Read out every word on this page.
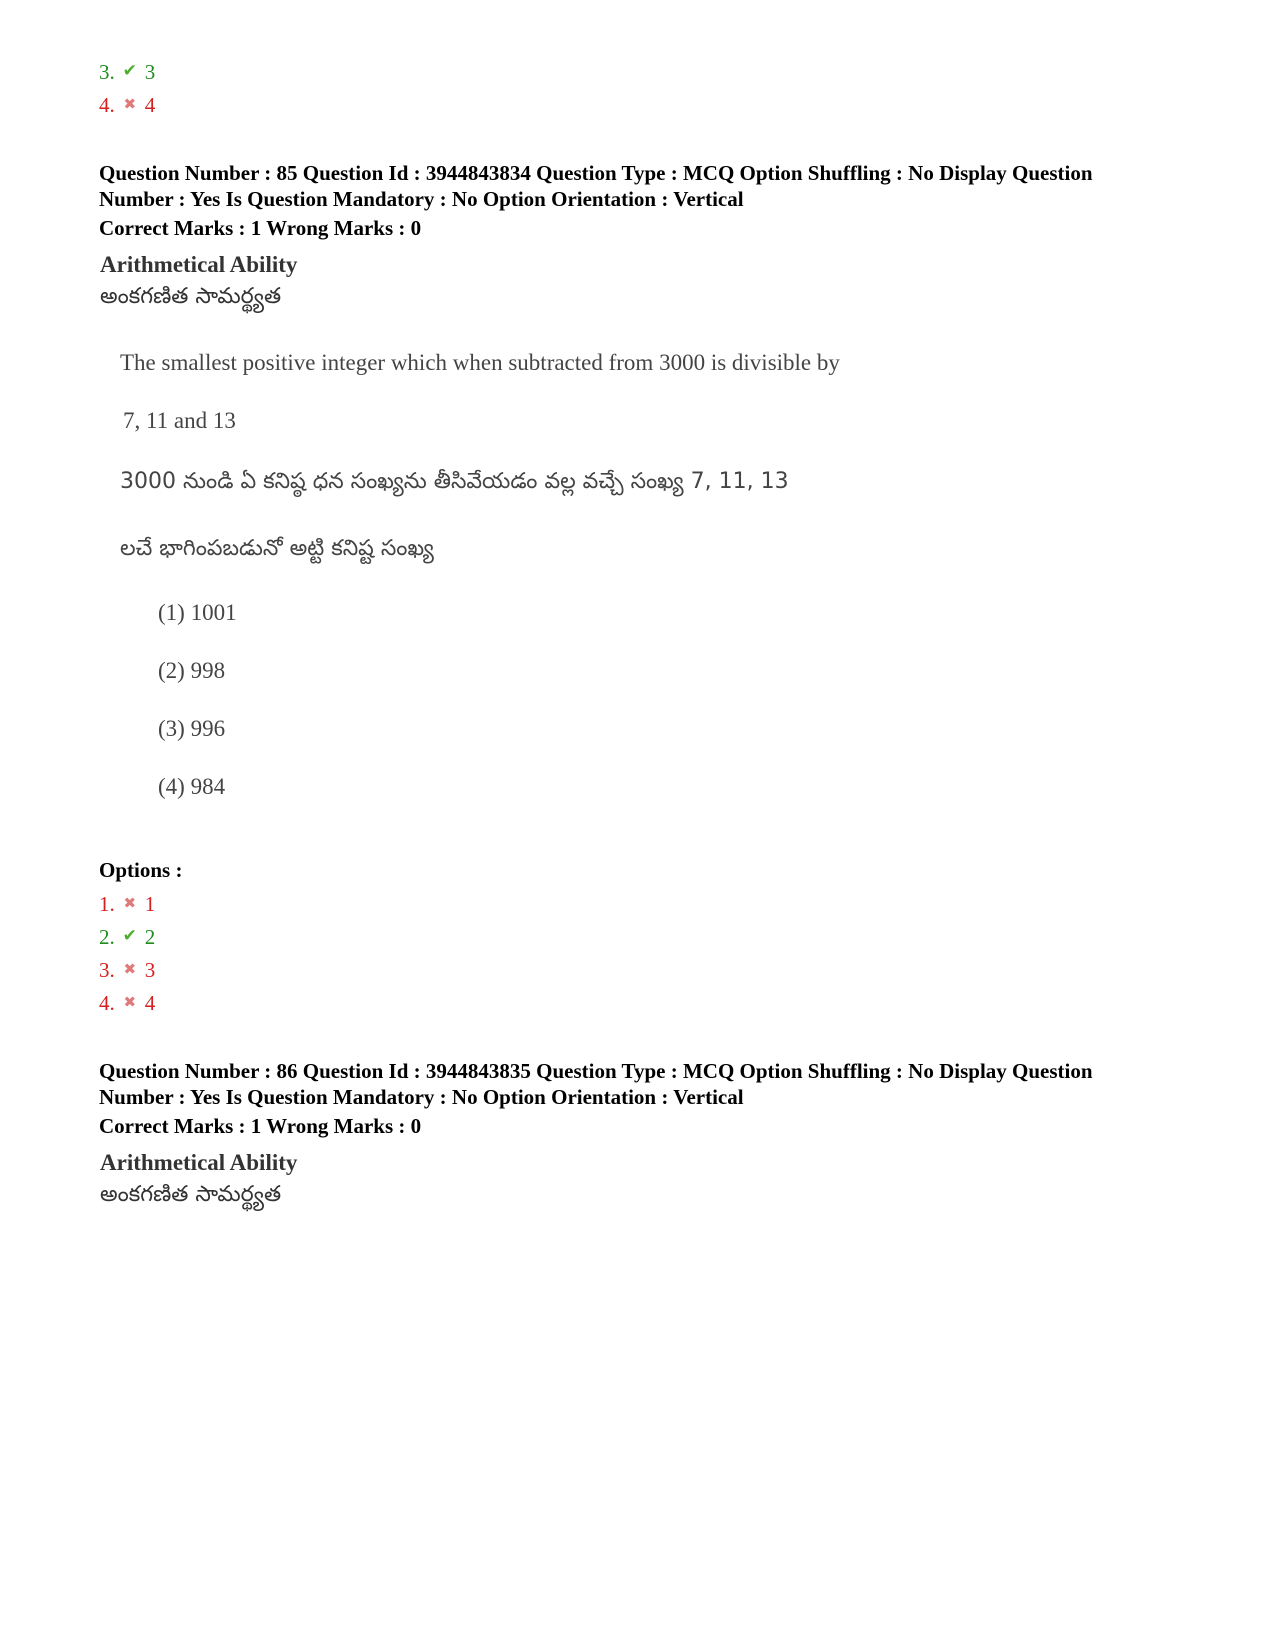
3. ✔ 3
4. ✖ 4
Question Number : 85 Question Id : 3944843834 Question Type : MCQ Option Shuffling : No Display Question
Number : Yes Is Question Mandatory : No Option Orientation : Vertical
Correct Marks : 1 Wrong Marks : 0
Arithmetical Ability
అంకగణిత సామర్థ్యత
The smallest positive integer which when subtracted from 3000 is divisible by
7, 11 and 13
3000 నుండి ఏ కనిష్ఠ ధన సంఖ్యను తీసివేయడం వల్ల వచ్చే సంఖ్య 7, 11, 13
లచే భాగింపబడునో అట్టి కనిష్ట సంఖ్య
(1) 1001
(2) 998
(3) 996
(4) 984
Options :
1. ✖ 1
2. ✔ 2
3. ✖ 3
4. ✖ 4
Question Number : 86 Question Id : 3944843835 Question Type : MCQ Option Shuffling : No Display Question
Number : Yes Is Question Mandatory : No Option Orientation : Vertical
Correct Marks : 1 Wrong Marks : 0
Arithmetical Ability
అంకగణిత సామర్థ్యత
